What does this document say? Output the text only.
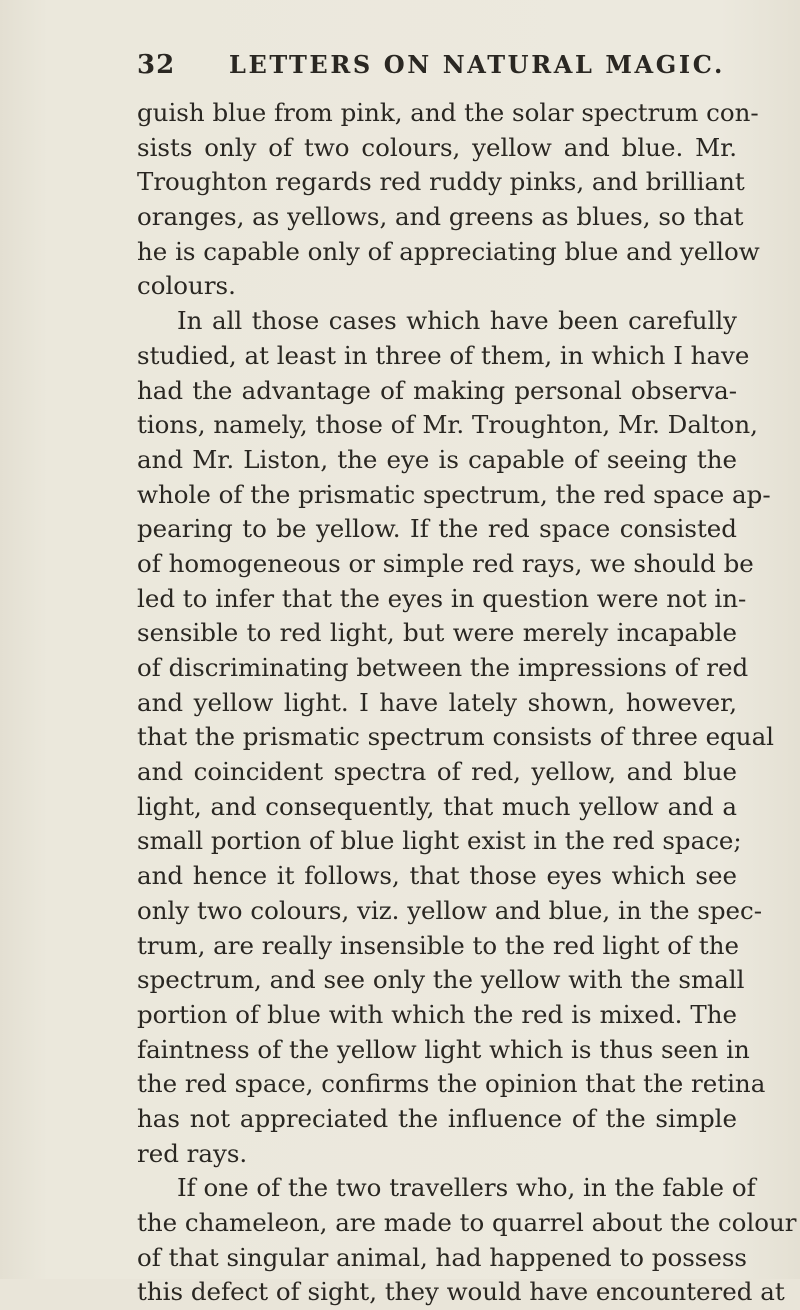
32 LETTERS ON NATURAL MAGIC.
guish blue from pink, and the solar spectrum con-
sists only of two colours, yellow and blue. Mr.
Troughton regards red ruddy pinks, and brilliant
oranges, as yellows, and greens as blues, so that
he is capable only of appreciating blue and yellow
colours.
In all those cases which have been carefully
studied, at least in three of them, in which I have
had the advantage of making personal observa-
tions, namely, those of Mr. Troughton, Mr. Dalton,
and Mr. Liston, the eye is capable of seeing the
whole of the prismatic spectrum, the red space ap-
pearing to be yellow. If the red space consisted
of homogeneous or simple red rays, we should be
led to infer that the eyes in question were not in-
sensible to red light, but were merely incapable
of discriminating between the impressions of red
and yellow light. I have lately shown, however,
that the prismatic spectrum consists of three equal
and coincident spectra of red, yellow, and blue
light, and consequently, that much yellow and a
small portion of blue light exist in the red space;
and hence it follows, that those eyes which see
only two colours, viz. yellow and blue, in the spec-
trum, are really insensible to the red light of the
spectrum, and see only the yellow with the small
portion of blue with which the red is mixed. The
faintness of the yellow light which is thus seen in
the red space, confirms the opinion that the retina
has not appreciated the influence of the simple
red rays.
If one of the two travellers who, in the fable of
the chameleon, are made to quarrel about the colour
of that singular animal, had happened to possess
this defect of sight, they would have encountered at
